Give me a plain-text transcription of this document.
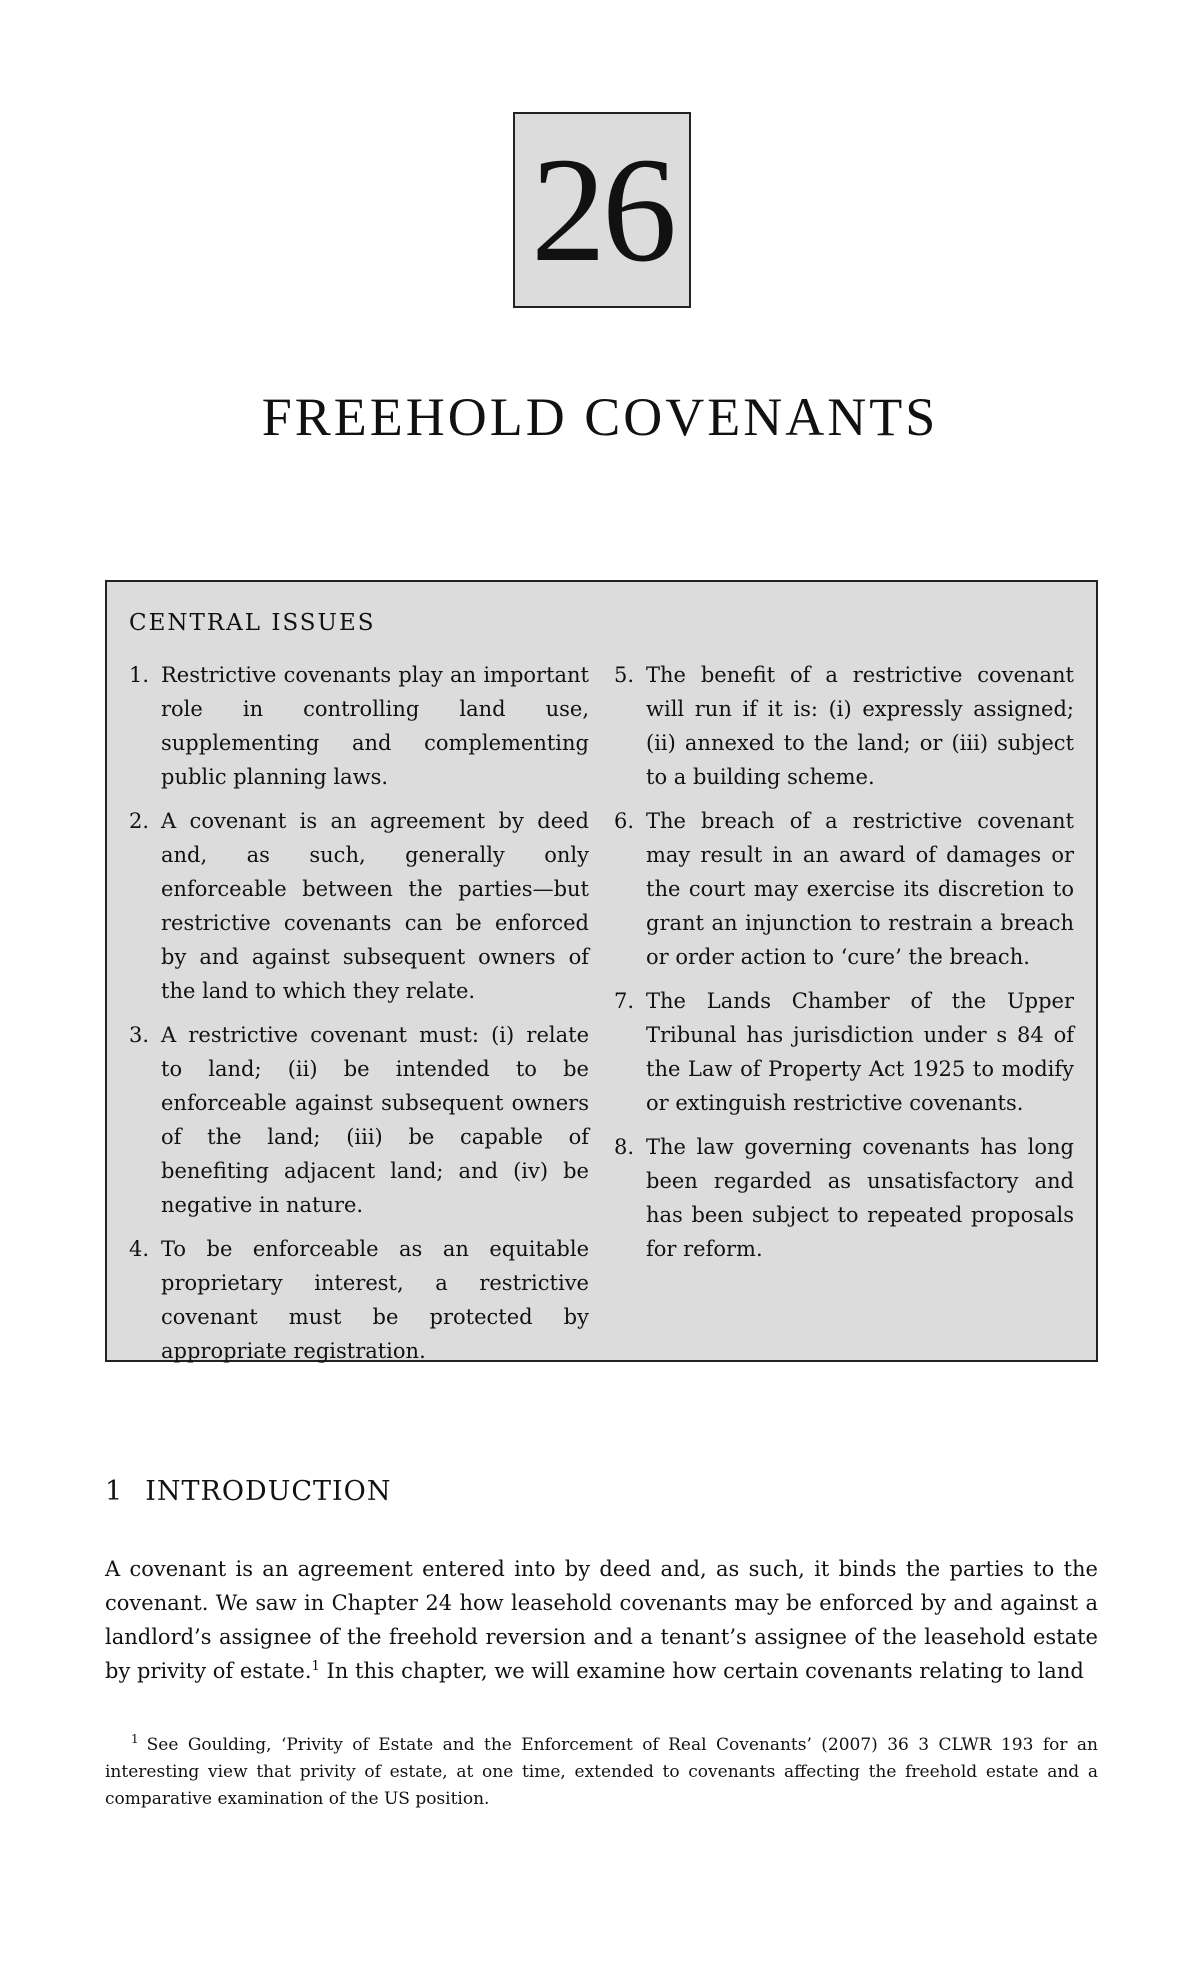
26
FREEHOLD COVENANTS
CENTRAL ISSUES
1. Restrictive covenants play an important role in controlling land use, supplementing and complementing public planning laws.
2. A covenant is an agreement by deed and, as such, generally only enforceable between the parties—but restrictive covenants can be enforced by and against subsequent owners of the land to which they relate.
3. A restrictive covenant must: (i) relate to land; (ii) be intended to be enforceable against subsequent owners of the land; (iii) be capable of benefiting adjacent land; and (iv) be negative in nature.
4. To be enforceable as an equitable proprietary interest, a restrictive covenant must be protected by appropriate registration.
5. The benefit of a restrictive covenant will run if it is: (i) expressly assigned; (ii) annexed to the land; or (iii) subject to a building scheme.
6. The breach of a restrictive covenant may result in an award of damages or the court may exercise its discretion to grant an injunction to restrain a breach or order action to ‘cure’ the breach.
7. The Lands Chamber of the Upper Tribunal has jurisdiction under s 84 of the Law of Property Act 1925 to modify or extinguish restrictive covenants.
8. The law governing covenants has long been regarded as unsatisfactory and has been subject to repeated proposals for reform.
1 INTRODUCTION

A covenant is an agreement entered into by deed and, as such, it binds the parties to the covenant. We saw in Chapter 24 how leasehold covenants may be enforced by and against a landlord’s assignee of the freehold reversion and a tenant’s assignee of the leasehold estate by privity of estate.$^1$ In this chapter, we will examine how certain covenants relating to land

$^1$ See Goulding, ‘Privity of Estate and the Enforcement of Real Covenants’ (2007) 36 3 CLWR 193 for an interesting view that privity of estate, at one time, extended to covenants affecting the freehold estate and a comparative examination of the US position.
